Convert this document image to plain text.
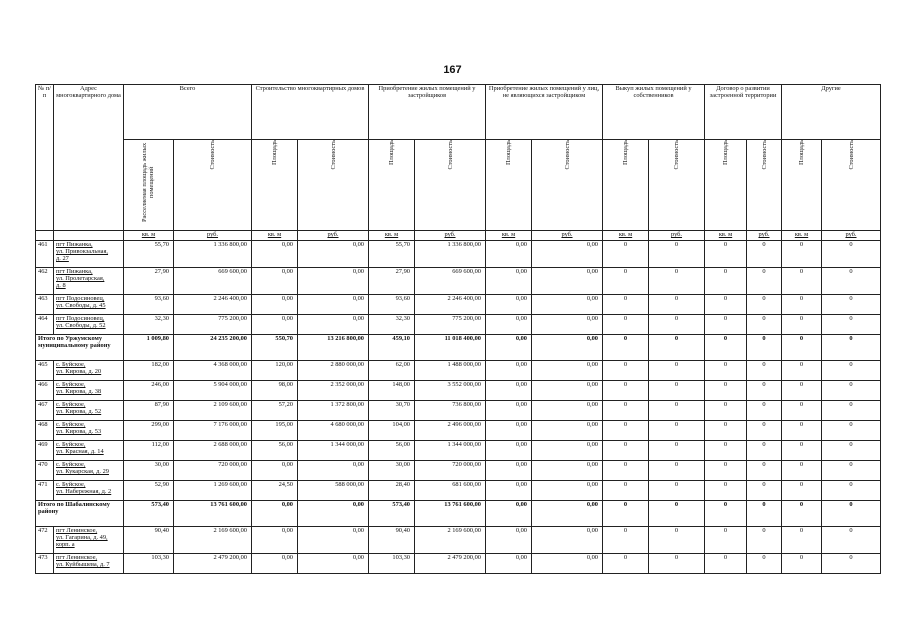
167
№ п/п	Адрес многоквартирного дома	Всего		Строительство многоквартирных домов		Приобретение жилых помещений у застройщиков		Приобретение жилых помещений у лиц, не являющихся застройщиком		Выкуп жилых помещений у собственников		Договор о развитии застроенной территории		Другие	
		Расселяемая площадь жилых помещений	Стоимость	Площадь	Стоимость	Площадь	Стоимость	Площадь	Стоимость	Площадь	Стоимость	Площадь	Стоимость	Площадь	Стоимость
		кв. м	руб.	кв. м	руб.	кв. м	руб.	кв. м	руб.	кв. м	руб.	кв. м	руб.	кв. м	руб.
461	пгт Пижанка,
ул. Привокзальная,
д. 27	55,70	1 336 800,00	0,00	0,00	55,70	1 336 800,00	0,00	0,00	0	0	0	0	0	0
462	пгт Пижанка,
ул. Пролетарская,
д. 8	27,90	669 600,00	0,00	0,00	27,90	669 600,00	0,00	0,00	0	0	0	0	0	0
463	пгт Подосиновец,
ул. Свободы, д. 45	93,60	2 246 400,00	0,00	0,00	93,60	2 246 400,00	0,00	0,00	0	0	0	0	0	0
464	пгт Подосиновец,
ул. Свободы, д. 52	32,30	775 200,00	0,00	0,00	32,30	775 200,00	0,00	0,00	0	0	0	0	0	0
Итого по Уржумскому муниципальному району		1 009,80	24 235 200,00	550,70	13 216 800,00	459,10	11 018 400,00	0,00	0,00	0	0	0	0	0	0
465	с. Буйское,
ул. Кирова, д. 20	182,00	4 368 000,00	120,00	2 880 000,00	62,00	1 488 000,00	0,00	0,00	0	0	0	0	0	0
466	с. Буйское,
ул. Кирова, д. 38	246,00	5 904 000,00	98,00	2 352 000,00	148,00	3 552 000,00	0,00	0,00	0	0	0	0	0	0
467	с. Буйское,
ул. Кирова, д. 52	87,90	2 109 600,00	57,20	1 372 800,00	30,70	736 800,00	0,00	0,00	0	0	0	0	0	0
468	с. Буйское,
ул. Кирова, д. 53	299,00	7 176 000,00	195,00	4 680 000,00	104,00	2 496 000,00	0,00	0,00	0	0	0	0	0	0
469	с. Буйское,
ул. Красная, д. 14	112,00	2 688 000,00	56,00	1 344 000,00	56,00	1 344 000,00	0,00	0,00	0	0	0	0	0	0
470	с. Буйское,
ул. Кукарская, д. 29	30,00	720 000,00	0,00	0,00	30,00	720 000,00	0,00	0,00	0	0	0	0	0	0
471	с. Буйское,
ул. Набережная, д. 2	52,90	1 269 600,00	24,50	588 000,00	28,40	681 600,00	0,00	0,00	0	0	0	0	0	0
Итого по Шабалинскому району		573,40	13 761 600,00	0,00	0,00	573,40	13 761 600,00	0,00	0,00	0	0	0	0	0	0
472	пгт Ленинское,
ул. Гагарина, д. 49,
корп. а	90,40	2 169 600,00	0,00	0,00	90,40	2 169 600,00	0,00	0,00	0	0	0	0	0	0
473	пгт Ленинское,
ул. Куйбышева, д. 7	103,30	2 479 200,00	0,00	0,00	103,30	2 479 200,00	0,00	0,00	0	0	0	0	0	0
